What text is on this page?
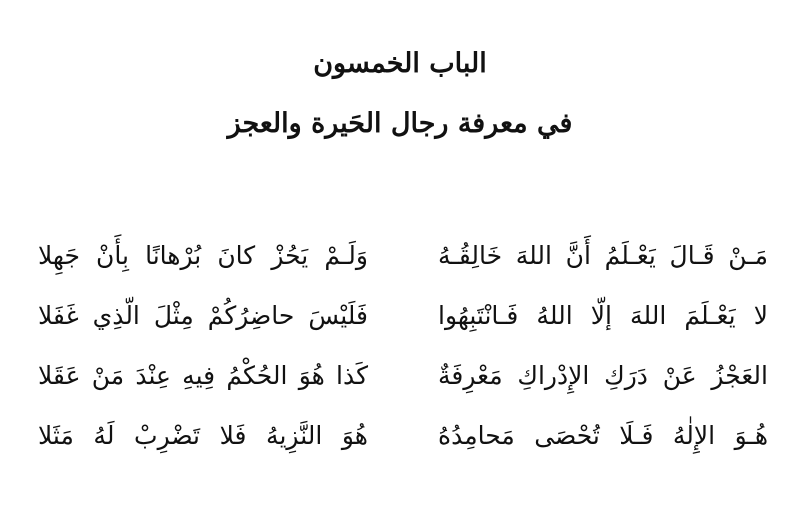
الباب الخمسون
في معرفة رجال الحَيرة والعجز
مَـنْ قَـالَ يَعْـلَمُ أَنَّ اللهَ خَالِقُـهُ
وَلَـمْ يَحُزْ كانَ بُرْهانًا بِأَنْ جَهِلا
لا يَعْـلَمَ اللهَ إلّا اللهُ فَـانْتَبِهُوا
فَلَيْسَ حاضِرُكُمْ مِثْلَ الّذِي غَفَلا
العَجْزُ عَنْ دَرَكِ الإِدْراكِ مَعْرِفَةٌ
كَذا هُوَ الحُكْمُ فِيهِ عِنْدَ مَنْ عَقَلا
هُـوَ الإِلٰهُ فَـلَا تُحْصَى مَحامِدُهُ
هُوَ النَّزِيهُ فَلا تَضْرِبْ لَهُ مَثَلا
